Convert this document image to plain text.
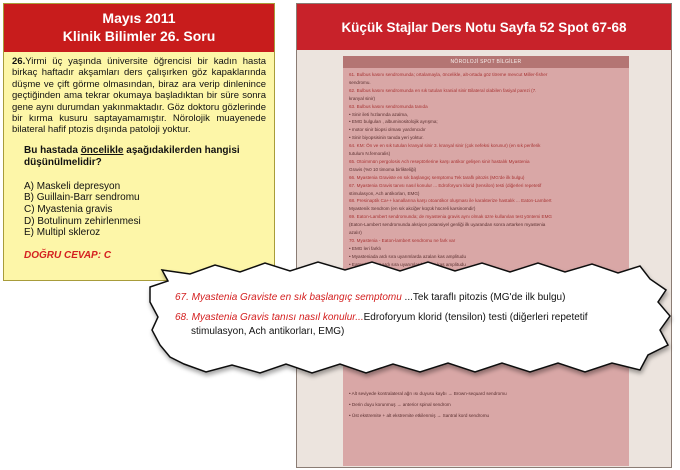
Mayıs 2011
Klinik Bilimler 26. Soru

26.Yirmi üç yaşında üniversite öğrencisi bir kadın hasta birkaç haftadır akşamları ders çalışırken göz kapaklarında düşme ve çift görme olmasından, biraz ara verip dinlenince geçtiğinden ama tekrar okumaya başladıktan bir süre sonra gene aynı durumdan yakınmaktadır. Göz doktoru gözlerinde bir kırma kusuru saptayamamıştır. Nörolojik muayenede bilateral hafif ptozis dışında patoloji yoktur.

Bu hastada öncelikle aşağıdakilerden hangisi düşünülmelidir?
A) Maskeli depresyon
B) Guillain-Barr sendromu
C) Myastenia gravis
D) Botulinum zehirlenmesi
E) Multipl skleroz
DOĞRU CEVAP: C
Küçük Stajlar Ders Notu Sayfa 52 Spot 67-68
NÖROLOJİ SPOT BİLGİLER
61. Bulbus kasını sendromunda; ortalamayla, öncelikle, alt-ortada göz titreme mevcut Miller-fisher
sendromu.
62. Bulbus kasını sendromunda en sık tutulan kranial sinir Bilateral olabilen fasiyal parezi (7.
kranyal sinir)
63. Bulbus kasını sendromunda tanıda
• Sinir ileti hızlarında azalma,
• EMG bulguları , albuminositolojik ayrışma;
• motor sinir biopsi olması yardımcıdır
• Sinir biyopsisinin tanıda yeri yoktur.
64. KM: Ön ve en sık tutulan kranyal sinir 3. kranyal sinir (çok nefeksi korunur) (en sık periferik
tutulum N.femoralis)
65. Otoimmün pergolosis Ach reseptörlerine karşı antikor gelişen sinir hastalık Myastenia
Gravis (%0 10 timoma birlikteliği)
66. Myastenia Graviste en sık başlangıç semptomu Tek taraflı pitozis (MG'de ilk bulgu)
67. Myastenia Gravis tanısı nasıl konulur ... Edroforyum klorid (tensilon) testi (diğerleri repetetif
stimulasyon, Ach antikorları, EMG)
68. Presinaptik Ca++ kanallarına karşı otoantikor oluşması ile karakterize hastalık ... Eaton-Lambert
Myastenik Sendrom (en sık akciğer küçük hücreli karsinomdir)
69. Eaton-Lambert sendromunda; de myastenia gravis aynı olmak üzre kullanılan test yöntemi EMG
(Eaton-Lambert sendromunda aksiyon potansiyel genliği ilk uyarandan sonra artarken myastenia
azalır)
70. Myastenia - Eaton-lambert sendromu ne fark var
• EMG leri farklı
• Myasteniada ardı sıra uyarımlarda azalan kas amplitudu
• Eaton-lambert ardı sıra uyarımlarda artan kas amplitudu
• Alt seviyede kontralateral ağrı ısı duyusu kaybı → Brown-sequard sendromu
• Derin duyu korunmuş → anterior spinal sendrom
• Üst ekstremite + alt ekstremite etkilenmiş → Santral kord sendromu
67. Myastenia Graviste en sık başlangıç semptomu ...Tek taraflı pitozis (MG'de ilk bulgu)
68. Myastenia Gravis tanısı nasıl konulur...Edroforyum klorid (tensilon) testi (diğerleri repetetif
stimulasyon, Ach antikorları, EMG)
